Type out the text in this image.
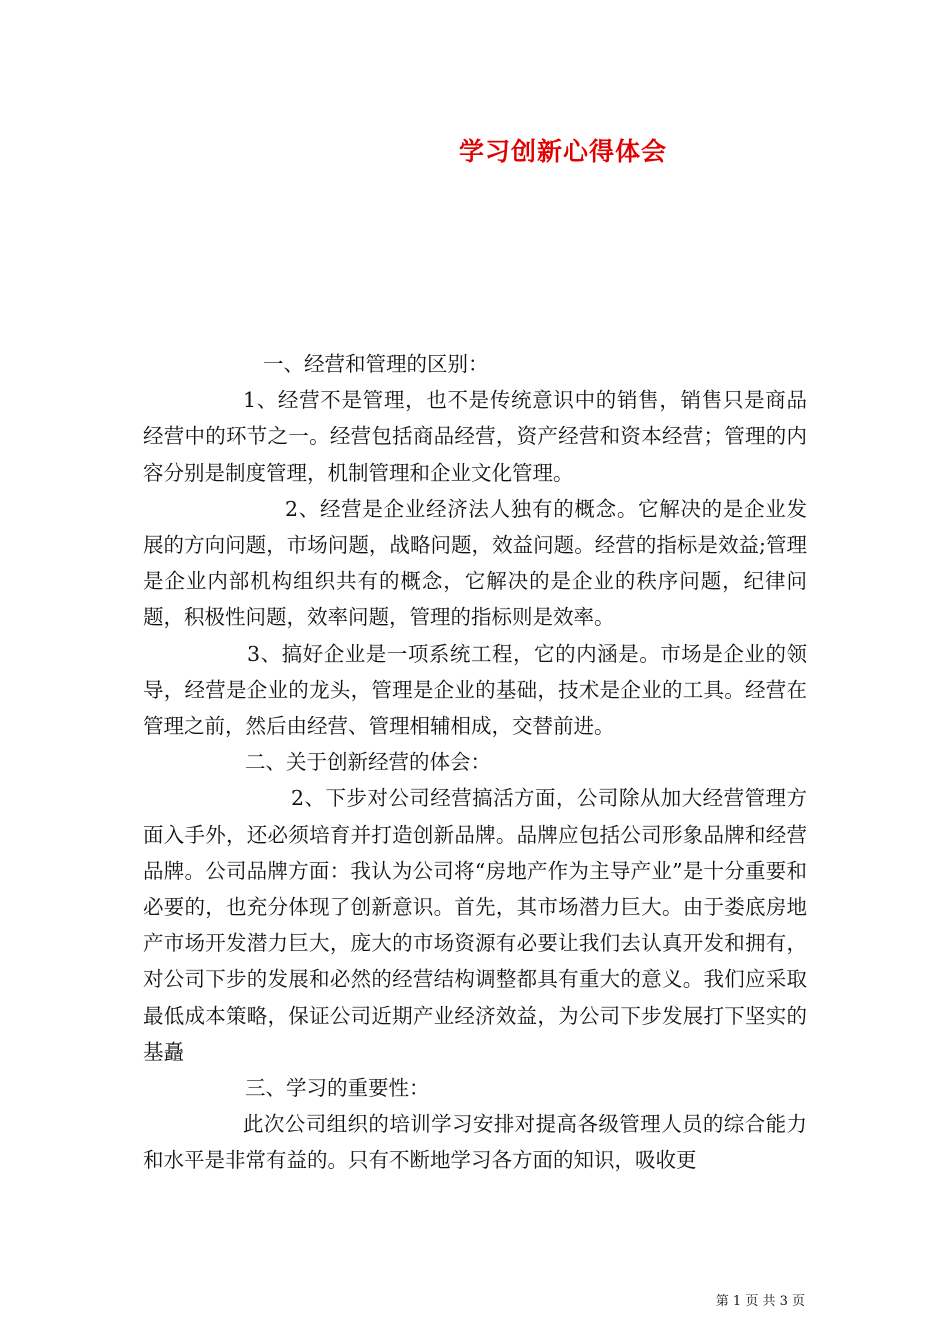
学习创新心得体会

一、经营和管理的区别：

1、经营不是管理，也不是传统意识中的销售，销售只是商品经营中的环节之一。经营包括商品经营，资产经营和资本经营；管理的内容分别是制度管理，机制管理和企业文化管理。

2、经营是企业经济法人独有的概念。它解决的是企业发展的方向问题，市场问题，战略问题，效益问题。经营的指标是效益;管理是企业内部机构组织共有的概念，它解决的是企业的秩序问题，纪律问题，积极性问题，效率问题，管理的指标则是效率。

3、搞好企业是一项系统工程，它的内涵是。市场是企业的领导，经营是企业的龙头，管理是企业的基础，技术是企业的工具。经营在管理之前，然后由经营、管理相辅相成，交替前进。

二、关于创新经营的体会：

2、下步对公司经营搞活方面，公司除从加大经营管理方面入手外，还必须培育并打造创新品牌。品牌应包括公司形象品牌和经营品牌。公司品牌方面：我认为公司将“房地产作为主导产业”是十分重要和必要的，也充分体现了创新意识。首先，其市场潜力巨大。由于娄底房地产市场开发潜力巨大，庞大的市场资源有必要让我们去认真开发和拥有，对公司下步的发展和必然的经营结构调整都具有重大的意义。我们应采取最低成本策略，保证公司近期产业经济效益，为公司下步发展打下坚实的基矗

三、学习的重要性：

此次公司组织的培训学习安排对提高各级管理人员的综合能力和水平是非常有益的。只有不断地学习各方面的知识，吸收更

第 1 页 共 3 页
